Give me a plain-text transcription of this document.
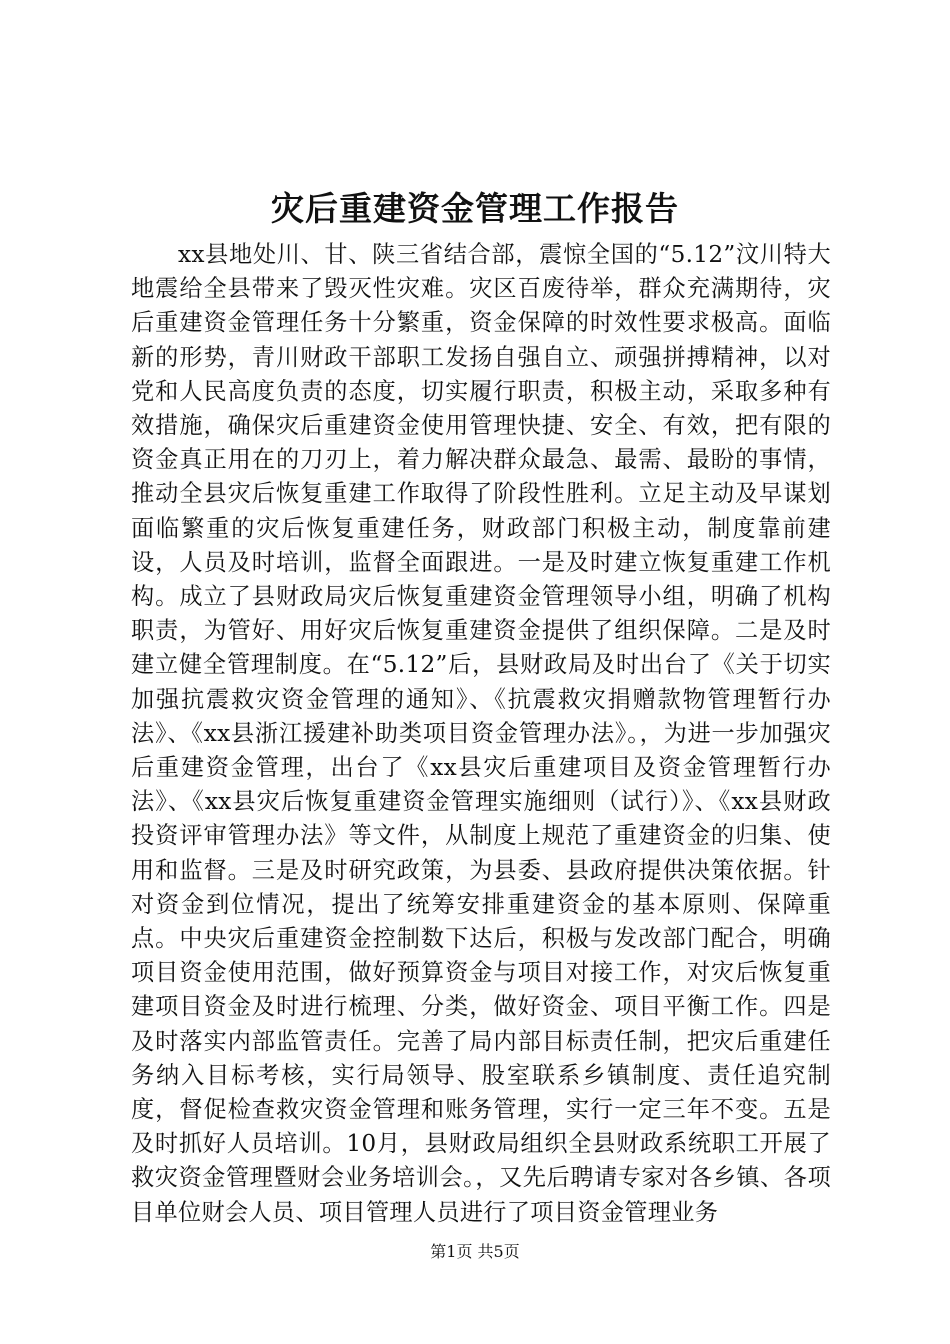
灾后重建资金管理工作报告

xx县地处川、甘、陕三省结合部，震惊全国的“5.12”汶川特大地震给全县带来了毁灭性灾难。灾区百废待举，群众充满期待，灾后重建资金管理任务十分繁重，资金保障的时效性要求极高。面临新的形势，青川财政干部职工发扬自强自立、顽强拼搏精神，以对党和人民高度负责的态度，切实履行职责，积极主动，采取多种有效措施，确保灾后重建资金使用管理快捷、安全、有效，把有限的资金真正用在的刀刃上，着力解决群众最急、最需、最盼的事情，推动全县灾后恢复重建工作取得了阶段性胜利。立足主动及早谋划面临繁重的灾后恢复重建任务，财政部门积极主动，制度靠前建设，人员及时培训，监督全面跟进。一是及时建立恢复重建工作机构。成立了县财政局灾后恢复重建资金管理领导小组，明确了机构职责，为管好、用好灾后恢复重建资金提供了组织保障。二是及时建立健全管理制度。在“5.12”后，县财政局及时出台了《关于切实加强抗震救灾资金管理的通知》、《抗震救灾捐赠款物管理暂行办法》、《xx县浙江援建补助类项目资金管理办法》。，为进一步加强灾后重建资金管理，出台了《xx县灾后重建项目及资金管理暂行办法》、《xx县灾后恢复重建资金管理实施细则（试行）》、《xx县财政投资评审管理办法》等文件，从制度上规范了重建资金的归集、使用和监督。三是及时研究政策，为县委、县政府提供决策依据。针对资金到位情况，提出了统筹安排重建资金的基本原则、保障重点。中央灾后重建资金控制数下达后，积极与发改部门配合，明确项目资金使用范围，做好预算资金与项目对接工作，对灾后恢复重建项目资金及时进行梳理、分类，做好资金、项目平衡工作。四是及时落实内部监管责任。完善了局内部目标责任制，把灾后重建任务纳入目标考核，实行局领导、股室联系乡镇制度、责任追究制度，督促检查救灾资金管理和账务管理，实行一定三年不变。五是及时抓好人员培训。10月，县财政局组织全县财政系统职工开展了救灾资金管理暨财会业务培训会。，又先后聘请专家对各乡镇、各项目单位财会人员、项目管理人员进行了项目资金管理业务

第1页 共5页
